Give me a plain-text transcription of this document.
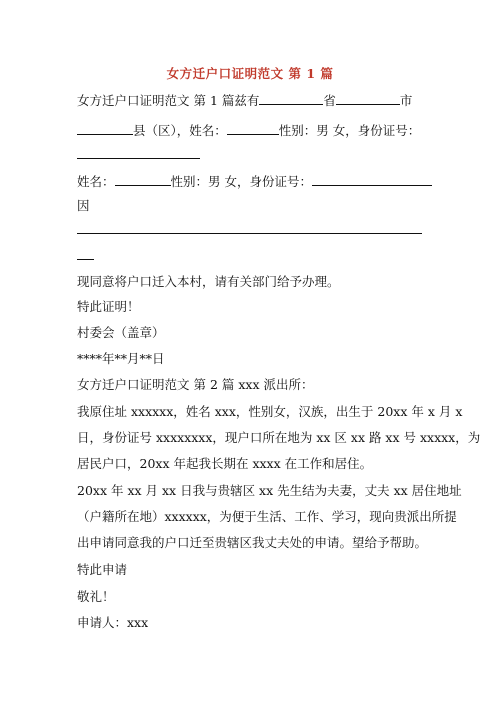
女方迁户口证明范文 第 1 篇
女方迁户口证明范文 第 1 篇兹有	省	市
县（区），姓名：	性别：男 女，身份证号：
姓名：	性别：男 女，身份证号：
因
现同意将户口迁入本村，请有关部门给予办理。
特此证明！
村委会（盖章）
****年**月**日
女方迁户口证明范文 第 2 篇 xxx 派出所：
我原住址 xxxxxx，姓名 xxx，性别女，汉族，出生于 20xx 年 x 月 x
日，身份证号 xxxxxxxx，现户口所在地为 xx 区 xx 路 xx 号 xxxxx，为
居民户口，20xx 年起我长期在 xxxx 在工作和居住。
20xx 年 xx 月 xx 日我与贵辖区 xx 先生结为夫妻，丈夫 xx 居住地址
（户籍所在地）xxxxxx，为便于生活、工作、学习，现向贵派出所提
出申请同意我的户口迁至贵辖区我丈夫处的申请。望给予帮助。
特此申请
敬礼！
申请人：xxx
